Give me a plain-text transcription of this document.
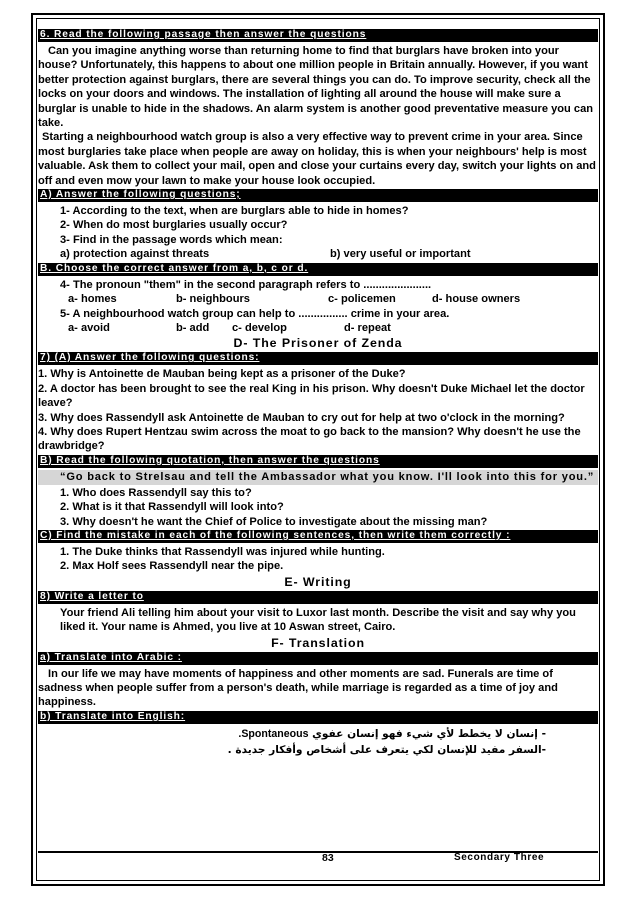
6. Read the following passage then answer the questions

Can you imagine anything worse than returning home to find that burglars have broken into your house? Unfortunately, this happens to about one million people in Britain annually. However, if you want better protection against burglars, there are several things you can do. To improve security, check all the locks on your doors and windows. The installation of lighting all around the house will make sure a burglar is unable to hide in the shadows. An alarm system is another good preventative measure you can take.

Starting a neighbourhood watch group is also a very effective way to prevent crime in your area. Since most burglaries take place when people are away on holiday, this is when your neighbours' help is most valuable. Ask them to collect your mail, open and close your curtains every day, switch your lights on and off and even mow your lawn to make your house look occupied.

A) Answer the following questions;

1- According to the text, when are burglars able to hide in homes?

2- When do most burglaries usually occur?

3- Find in the passage words which mean:

a) protection against threats	b) very useful or important
B. Choose the correct answer from a, b, c or d.

4- The pronoun "them" in the second paragraph refers to ......................

a- homes	b- neighbours	c- policemen	d- house owners

5- A neighbourhood watch group can help to ................ crime in your area.

a- avoid	b- add	c- develop	d- repeat
D- The Prisoner of Zenda
7) (A) Answer the following questions:

1. Why is Antoinette de Mauban being kept as a prisoner of the Duke?

2. A doctor has been brought to see the real King in his prison. Why doesn't Duke Michael let the doctor leave?

3. Why does Rassendyll ask Antoinette de Mauban to cry out for help at two o'clock in the morning?

4. Why does Rupert Hentzau swim across the moat to go back to the mansion? Why doesn't he use the drawbridge?

B) Read the following quotation, then answer the questions
“Go back to Strelsau and tell the Ambassador what you know. I'll look into this for you.”

1. Who does Rassendyll say this to?

2. What is it that Rassendyll will look into?

3. Why doesn't he want the Chief of Police to investigate about the missing man?

C) Find the mistake in each of the following sentences, then write them correctly :

1. The Duke thinks that Rassendyll was injured while hunting.

2. Max Holf sees Rassendyll near the pipe.

E- Writing
8) Write a letter to

Your friend Ali telling him about your visit to Luxor last month. Describe the visit and say why you liked it. Your name is Ahmed, you live at 10 Aswan street, Cairo.

F- Translation
a) Translate into Arabic :

In our life we may have moments of happiness and other moments are sad. Funerals are time of sadness when people suffer from a person's death, while marriage is regarded as a time of joy and happiness.

b) Translate into English:
- إنسان لا يخطط لأي شيء فهو إنسان عفوي Spontaneous.
-السفر مفيد للإنسان لكي يتعرف على أشخاص وأفكار جديدة .
83	Secondary Three
